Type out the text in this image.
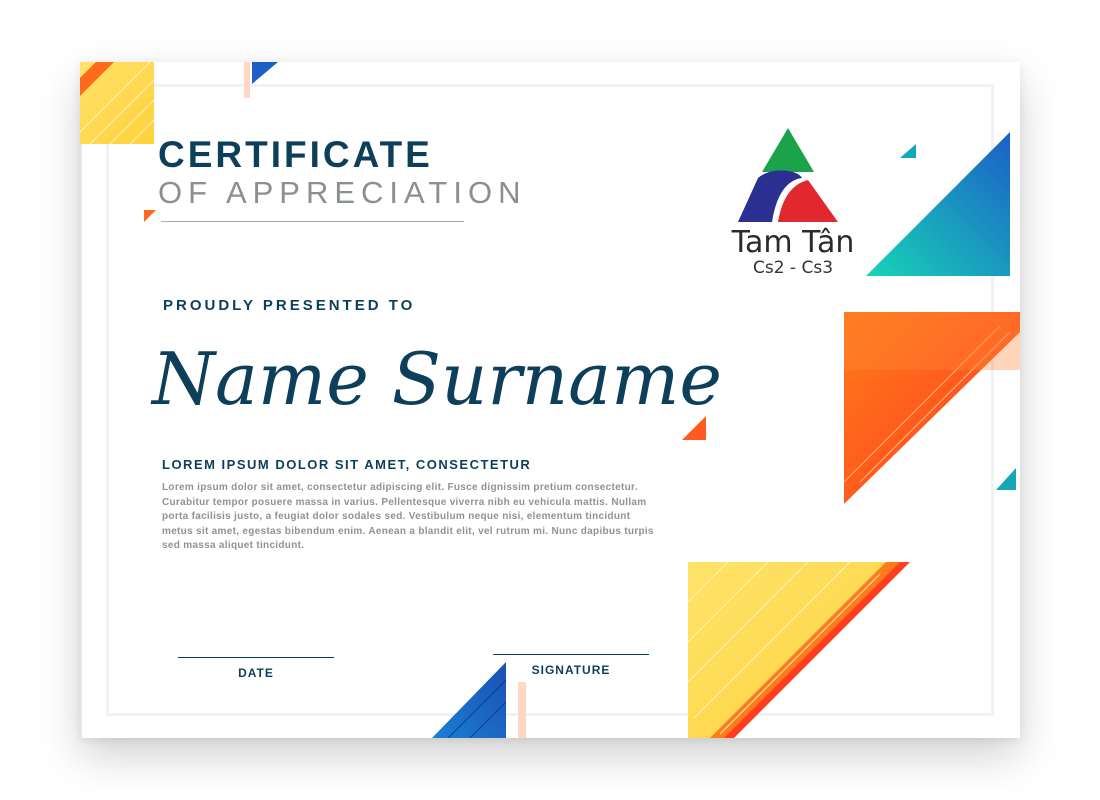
CERTIFICATE
OF APPRECIATION
PROUDLY PRESENTED TO
Name Surname
LOREM IPSUM DOLOR SIT AMET, CONSECTETUR
Lorem ipsum dolor sit amet, consectetur adipiscing elit. Fusce dignissim pretium consectetur. Curabitur tempor posuere massa in varius. Pellentesque viverra nibh eu vehicula mattis. Nullam porta facilisis justo, a feugiat dolor sodales sed. Vestibulum neque nisi, elementum tincidunt metus sit amet, egestas bibendum enim. Aenean a blandit elit, vel rutrum mi. Nunc dapibus turpis sed massa aliquet tincidunt.
DATE	SIGNATURE
Tam Tân
Cs2 - Cs3
